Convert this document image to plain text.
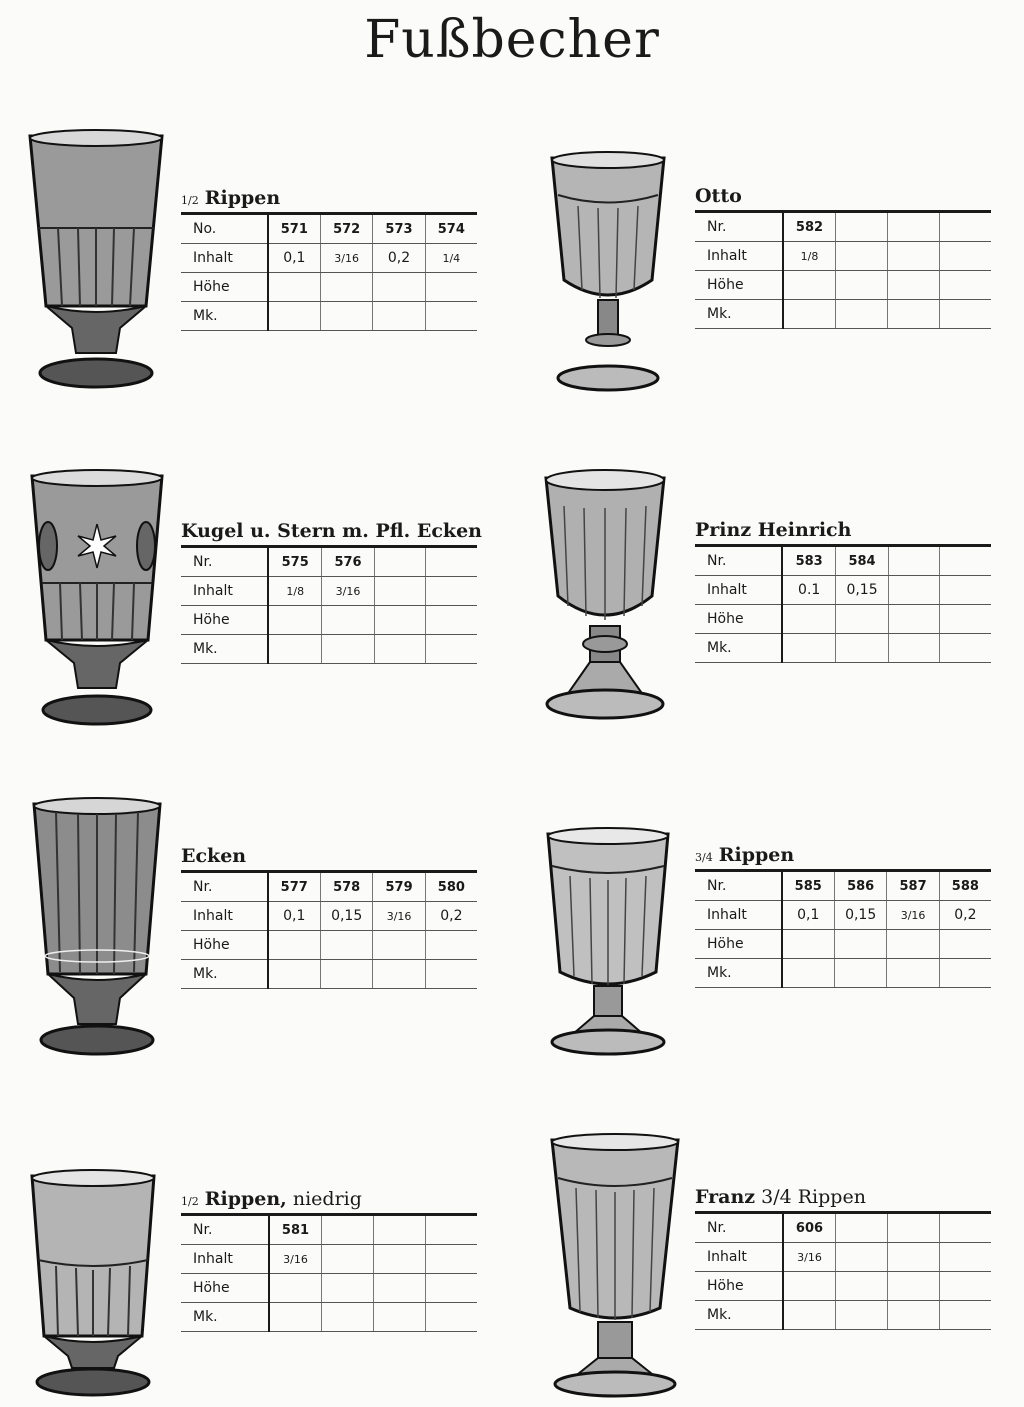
Fußbecher
1/2 Rippen
No.	571	572	573	574
Inhalt	0,1	3/16	0,2	1/4
Höhe				
Mk.				
Otto
Nr.	582			
Inhalt	1/8			
Höhe				
Mk.				
Kugel u. Stern m. Pfl. Ecken
Nr.	575	576		
Inhalt	1/8	3/16		
Höhe				
Mk.				
Prinz Heinrich
Nr.	583	584		
Inhalt	0.1	0,15		
Höhe				
Mk.				
Ecken
Nr.	577	578	579	580
Inhalt	0,1	0,15	3/16	0,2
Höhe				
Mk.				
3/4 Rippen
Nr.	585	586	587	588
Inhalt	0,1	0,15	3/16	0,2
Höhe				
Mk.				
1/2 Rippen, niedrig
Nr.	581			
Inhalt	3/16			
Höhe				
Mk.				
Franz 3/4 Rippen
Nr.	606			
Inhalt	3/16			
Höhe				
Mk.				
